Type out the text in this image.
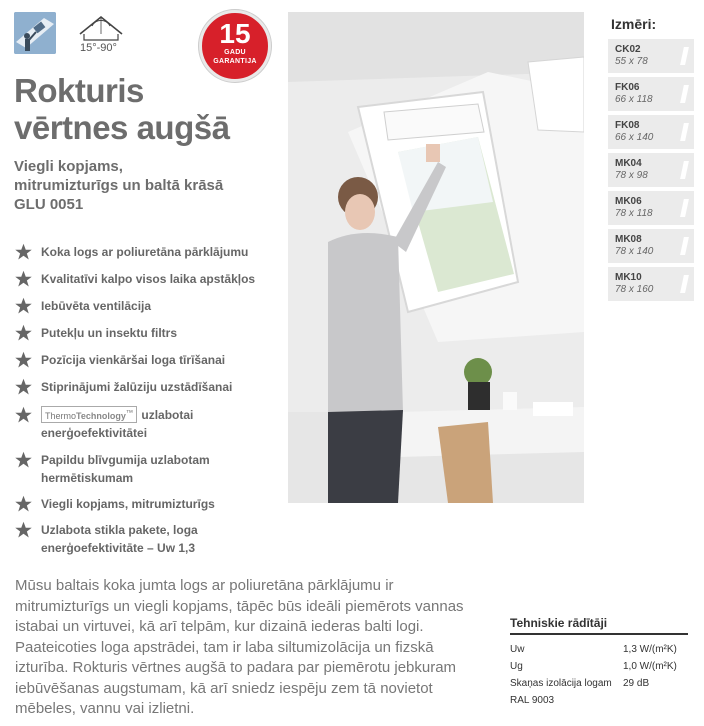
15°-90°	15
GADU
GARANTIJA
Rokturis
vērtnes augšā
Viegli kopjams,
mitrumizturīgs un baltā krāsā
GLU 0051
Koka logs ar poliuretāna pārklājumu
Kvalitatīvi kalpo visos laika apstākļos
Iebūvēta ventilācija
Putekļu un insektu filtrs
Pozīcija vienkāršai loga tīrīšanai
Stiprinājumi žalūziju uzstādīšanai
ThermoTechnology™ uzlabotai enerģoefektivitātei
Papildu blīvgumija uzlabotam hermētiskumam
Viegli kopjams, mitrumizturīgs
Uzlabota stikla pakete, loga enerģoefektivitāte – Uw 1,3
Izmēri:
CK02
55 x 78
FK06
66 x 118
FK08
66 x 140
MK04
78 x 98
MK06
78 x 118
MK08
78 x 140
MK10
78 x 160

Mūsu baltais koka jumta logs ar poliuretāna pārklājumu ir mitrumizturīgs un viegli kopjams, tāpēc būs ideāli piemērots vannas istabai un virtuvei, kā arī telpām, kur dizainā iederas balti logi. Paateicoties loga apstrādei, tam ir laba siltumizolācija un fizskā izturība. Rokturis vērtnes augšā to padara par piemērotu jebkuram iebūvēšanas augstumam, kā arī sniedz iespēju zem tā novietot mēbeles, vannu vai izlietni.

Tehniskie rādītāji
Uw	1,3 W/(m²K)
Ug	1,0 W/(m²K)
Skaņas izolācija logam 29 dB
RAL 9003
